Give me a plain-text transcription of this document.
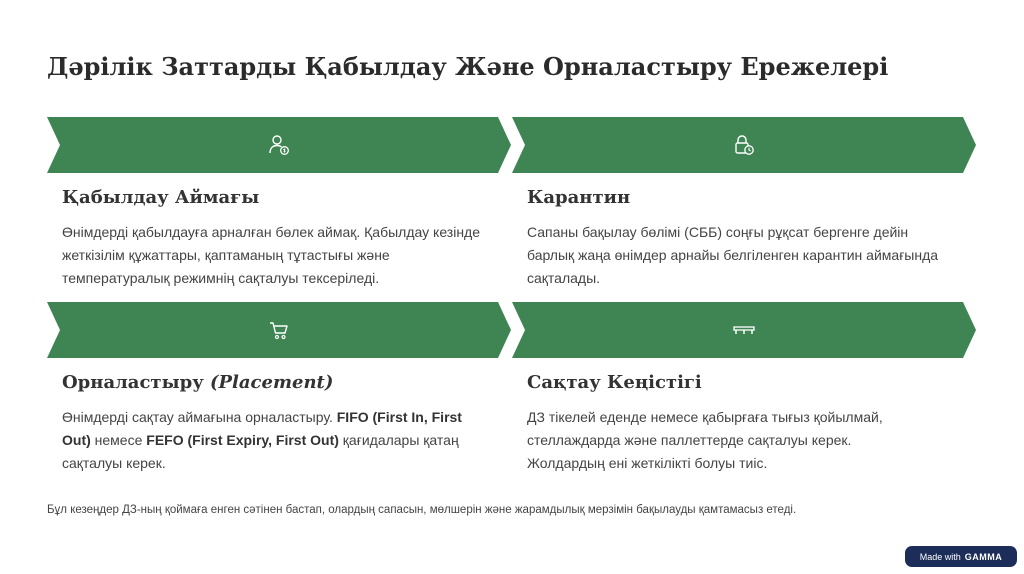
Дәрілік Заттарды Қабылдау Және Орналастыру Ережелері
Қабылдау Аймағы

Өнімдерді қабылдауға арналған бөлек аймақ. Қабылдау кезінде жеткізілім құжаттары, қаптаманың тұтастығы және температуралық режимнің сақталуы тексеріледі.

Карантин

Сапаны бақылау бөлімі (СББ) соңғы рұқсат бергенге дейін барлық жаңа өнімдер арнайы белгіленген карантин аймағында сақталады.

Орналастыру (Placement)

Өнімдерді сақтау аймағына орналастыру. FIFO (First In, First Out) немесе FEFO (First Expiry, First Out) қағидалары қатаң сақталуы керек.

Сақтау Кеңістігі

ДЗ тікелей еденде немесе қабырғаға тығыз қойылмай, стеллаждарда және паллеттерде сақталуы керек. Жолдардың ені жеткілікті болуы тиіс.

Бұл кезеңдер ДЗ-ның қоймаға енген сәтінен бастап, олардың сапасын, мөлшерін және жарамдылық мерзімін бақылауды қамтамасыз етеді.

Made with GAMMA
